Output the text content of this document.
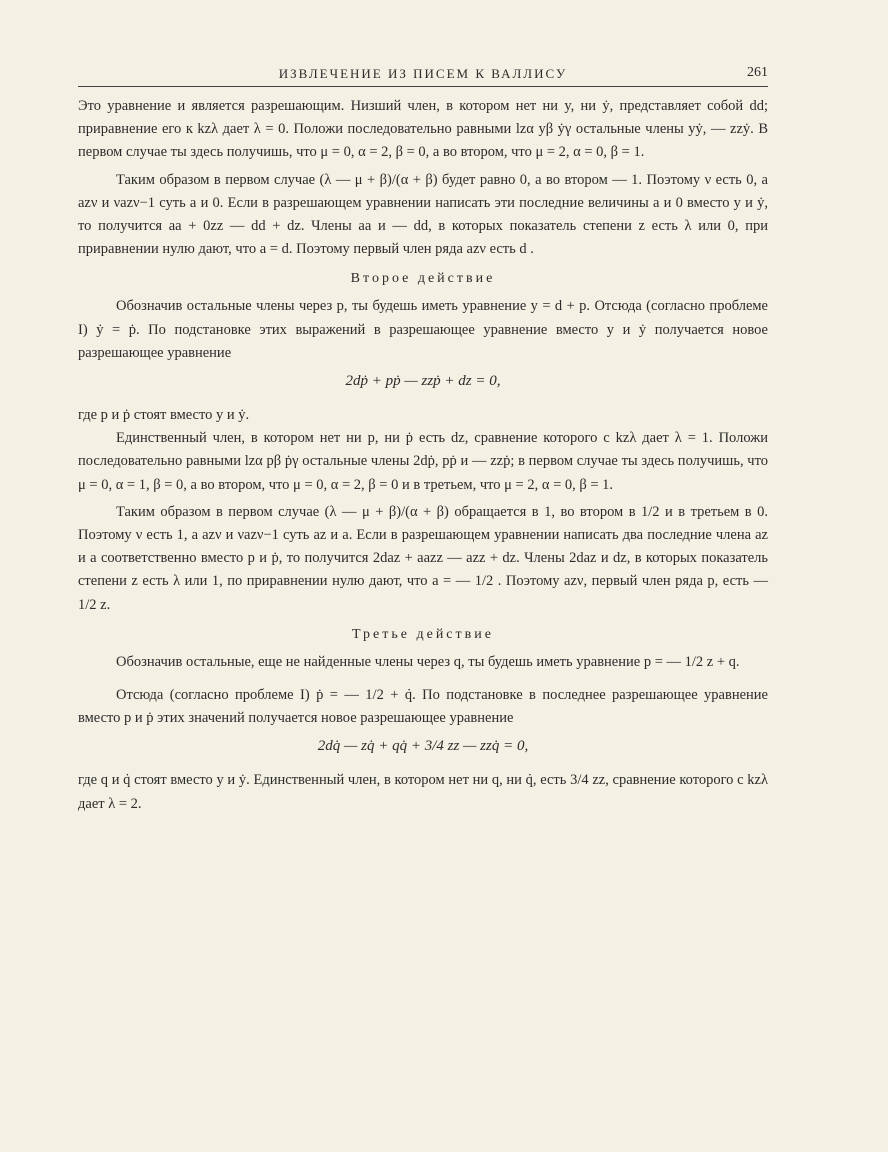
ИЗВЛЕЧЕНИЕ ИЗ ПИСЕМ К ВАЛЛИСУ	261

Это уравнение и является разрешающим. Низший член, в котором нет ни y, ни ẏ, представляет собой dd; приравнение его к kzλ дает λ = 0. Положи последовательно равными lzα yβ ẏγ остальные члены yẏ, — zzẏ. В первом случае ты здесь получишь, что μ = 0, α = 2, β = 0, а во втором, что μ = 2, α = 0, β = 1.

Таким образом в первом случае (λ — μ + β)/(α + β) будет равно 0, а во втором — 1. Поэтому ν есть 0, а azν и νazν−1 суть a и 0. Если в разрешающем уравнении написать эти последние величины a и 0 вместо y и ẏ, то получится aa + 0zz — dd + dz. Члены aa и — dd, в которых показатель степени z есть λ или 0, при приравнении нулю дают, что a = d. Поэтому первый член ряда azν есть d .

Второе действие

Обозначив остальные члены через p, ты будешь иметь уравнение y = d + p. Отсюда (согласно проблеме I) ẏ = ṗ. По подстановке этих выражений в разрешающее уравнение вместо y и ẏ получается новое разрешающее уравнение

2dṗ + pṗ — zzṗ + dz = 0,

где p и ṗ стоят вместо y и ẏ.

Единственный член, в котором нет ни p, ни ṗ есть dz, сравнение которого с kzλ дает λ = 1. Положи последовательно равными lzα pβ ṗγ остальные члены 2dṗ, pṗ и — zzṗ; в первом случае ты здесь получишь, что μ = 0, α = 1, β = 0, а во втором, что μ = 0, α = 2, β = 0 и в третьем, что μ = 2, α = 0, β = 1.

Таким образом в первом случае (λ — μ + β)/(α + β) обращается в 1, во втором в 1/2 и в третьем в 0. Поэтому ν есть 1, а azν и νazν−1 суть az и a. Если в разрешающем уравнении написать два последние члена az и a соответственно вместо p и ṗ, то получится 2daz + aazz — azz + dz. Члены 2daz и dz, в которых показатель степени z есть λ или 1, по приравнении нулю дают, что a = — 1/2 . Поэтому azν, первый член ряда p, есть — 1/2 z.

Третье действие

Обозначив остальные, еще не найденные члены через q, ты будешь иметь уравнение p = — 1/2 z + q.

Отсюда (согласно проблеме I) ṗ = — 1/2 + q̇. По подстановке в последнее разрешающее уравнение вместо p и ṗ этих значений получается новое разрешающее уравнение

2dq̇ — zq̇ + qq̇ + 3/4 zz — zzq̇ = 0,

где q и q̇ стоят вместо y и ẏ. Единственный член, в котором нет ни q, ни q̇, есть 3/4 zz, сравнение которого с kzλ дает λ = 2.
